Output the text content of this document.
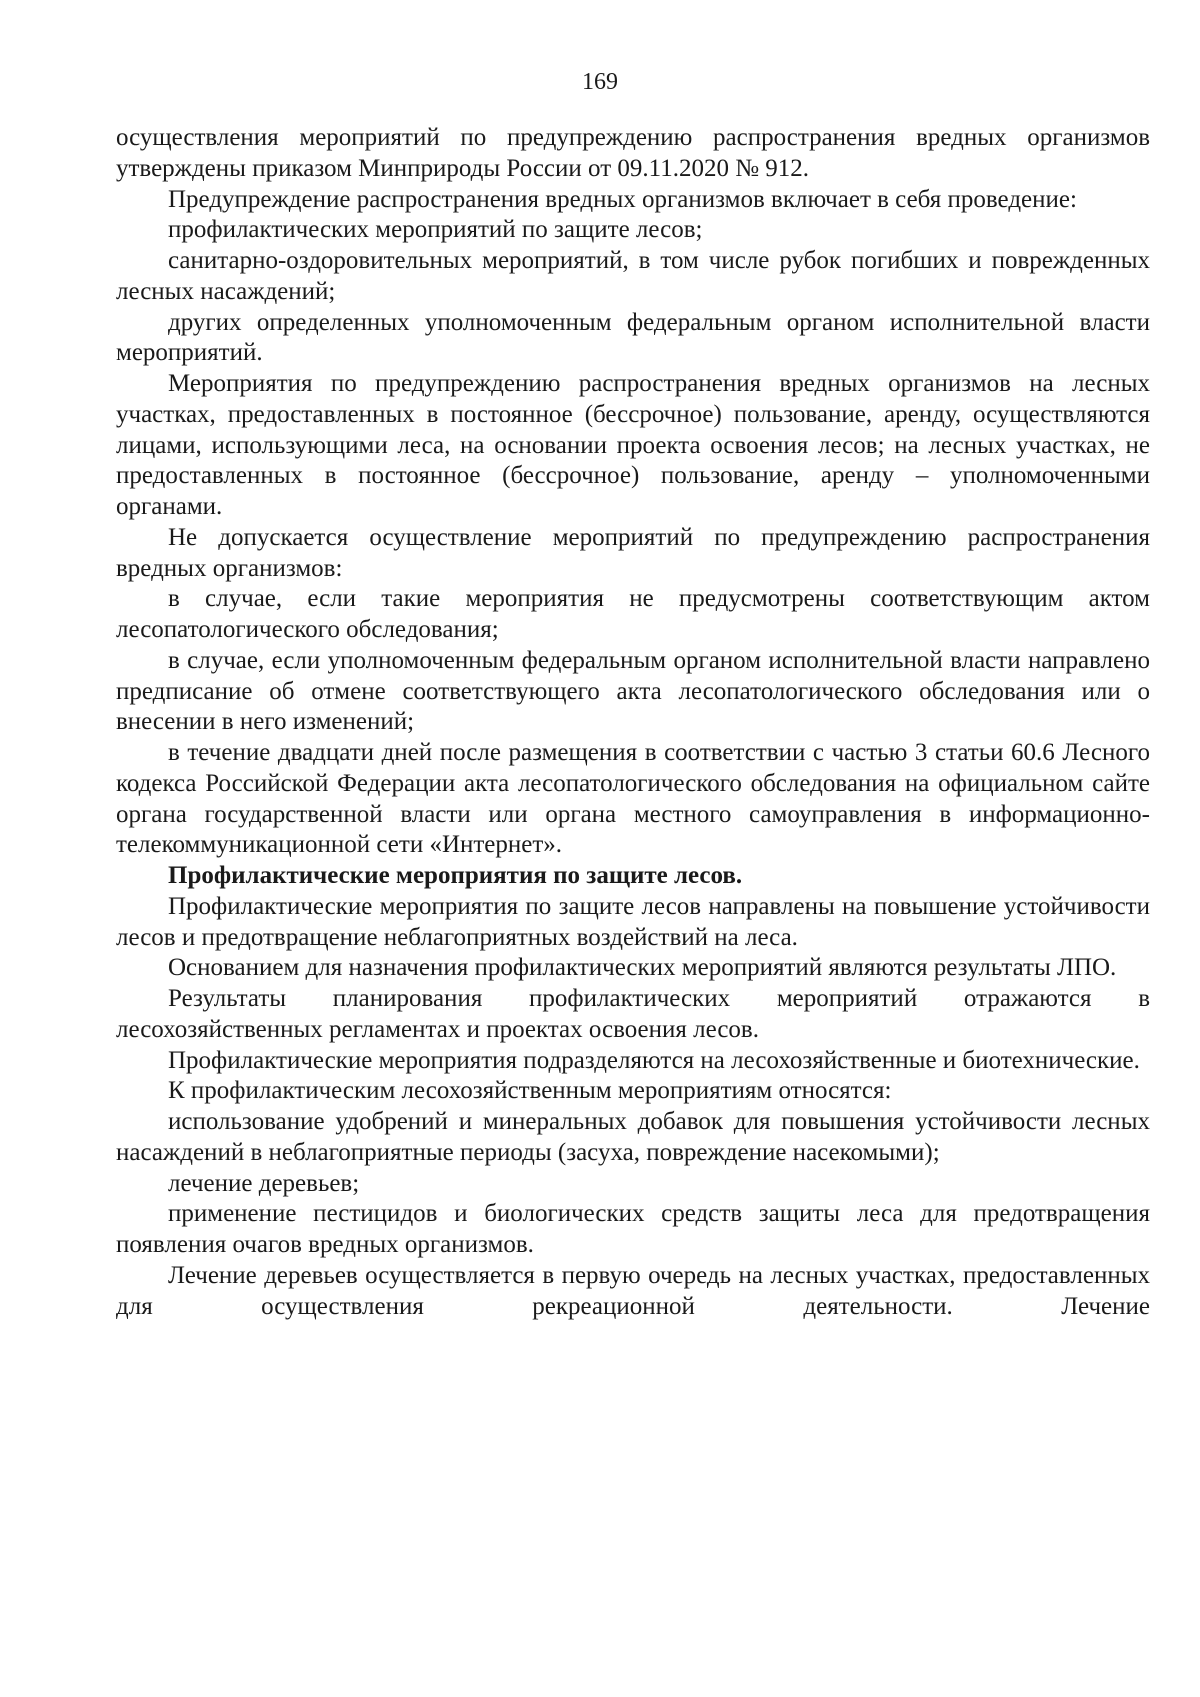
169

осуществления мероприятий по предупреждению распространения вредных организмов утверждены приказом Минприроды России от 09.11.2020 № 912.

Предупреждение распространения вредных организмов включает в себя проведение:

профилактических мероприятий по защите лесов;

санитарно-оздоровительных мероприятий, в том числе рубок погибших и поврежденных лесных насаждений;

других определенных уполномоченным федеральным органом исполнительной власти мероприятий.

Мероприятия по предупреждению распространения вредных организмов на лесных участках, предоставленных в постоянное (бессрочное) пользование, аренду, осуществляются лицами, использующими леса, на основании проекта освоения лесов; на лесных участках, не предоставленных в постоянное (бессрочное) пользование, аренду – уполномоченными органами.

Не допускается осуществление мероприятий по предупреждению распространения вредных организмов:

в случае, если такие мероприятия не предусмотрены соответствующим актом лесопатологического обследования;

в случае, если уполномоченным федеральным органом исполнительной власти направлено предписание об отмене соответствующего акта лесопатологического обследования или о внесении в него изменений;

в течение двадцати дней после размещения в соответствии с частью 3 статьи 60.6 Лесного кодекса Российской Федерации акта лесопатологического обследования на официальном сайте органа государственной власти или органа местного самоуправления в информационно-телекоммуникационной сети «Интернет».

Профилактические мероприятия по защите лесов.

Профилактические мероприятия по защите лесов направлены на повышение устойчивости лесов и предотвращение неблагоприятных воздействий на леса.

Основанием для назначения профилактических мероприятий являются результаты ЛПО.

Результаты планирования профилактических мероприятий отражаются в лесохозяйственных регламентах и проектах освоения лесов.

Профилактические мероприятия подразделяются на лесохозяйственные и биотехнические.

К профилактическим лесохозяйственным мероприятиям относятся:

использование удобрений и минеральных добавок для повышения устойчивости лесных насаждений в неблагоприятные периоды (засуха, повреждение насекомыми);

лечение деревьев;

применение пестицидов и биологических средств защиты леса для предотвращения появления очагов вредных организмов.

Лечение деревьев осуществляется в первую очередь на лесных участках, предоставленных для осуществления рекреационной деятельности. Лечение
